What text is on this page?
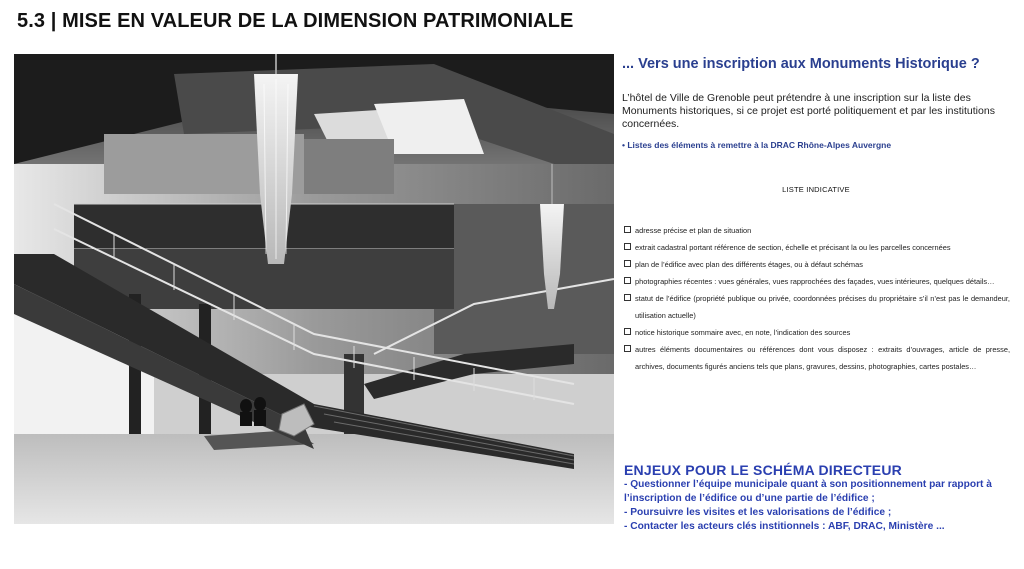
5.3 | MISE EN VALEUR DE LA DIMENSION PATRIMONIALE
... Vers une inscription aux Monuments Historique ?
L’hôtel de Ville de Grenoble peut prétendre à une inscription sur la liste des Monuments historiques, si ce projet est porté politiquement et par les institutions concernées.
• Listes des éléments à remettre à la DRAC Rhône-Alpes Auvergne
LISTE INDICATIVE
adresse précise et plan de situation
extrait cadastral portant référence de section, échelle et précisant la ou les parcelles concernées
plan de l’édifice avec plan des différents étages, ou à défaut schémas
photographies récentes : vues générales, vues rapprochées des façades, vues intérieures, quelques détails…
statut de l’édifice (propriété publique ou privée, coordonnées précises du propriétaire s’il n’est pas le demandeur, utilisation actuelle)
notice historique sommaire avec, en note, l’indication des sources
autres éléments documentaires ou références dont vous disposez : extraits d’ouvrages, article de presse, archives, documents figurés anciens tels que plans, gravures, dessins, photographies, cartes postales…
ENJEUX POUR LE SCHÉMA DIRECTEUR
- Questionner l’équipe municipale quant à son positionnement par rapport à l’inscription de l’édifice ou d’une partie de l’édifice ;
- Poursuivre les visites et les valorisations de l’édifice ;
- Contacter les acteurs clés institionnels : ABF, DRAC, Ministère ...
